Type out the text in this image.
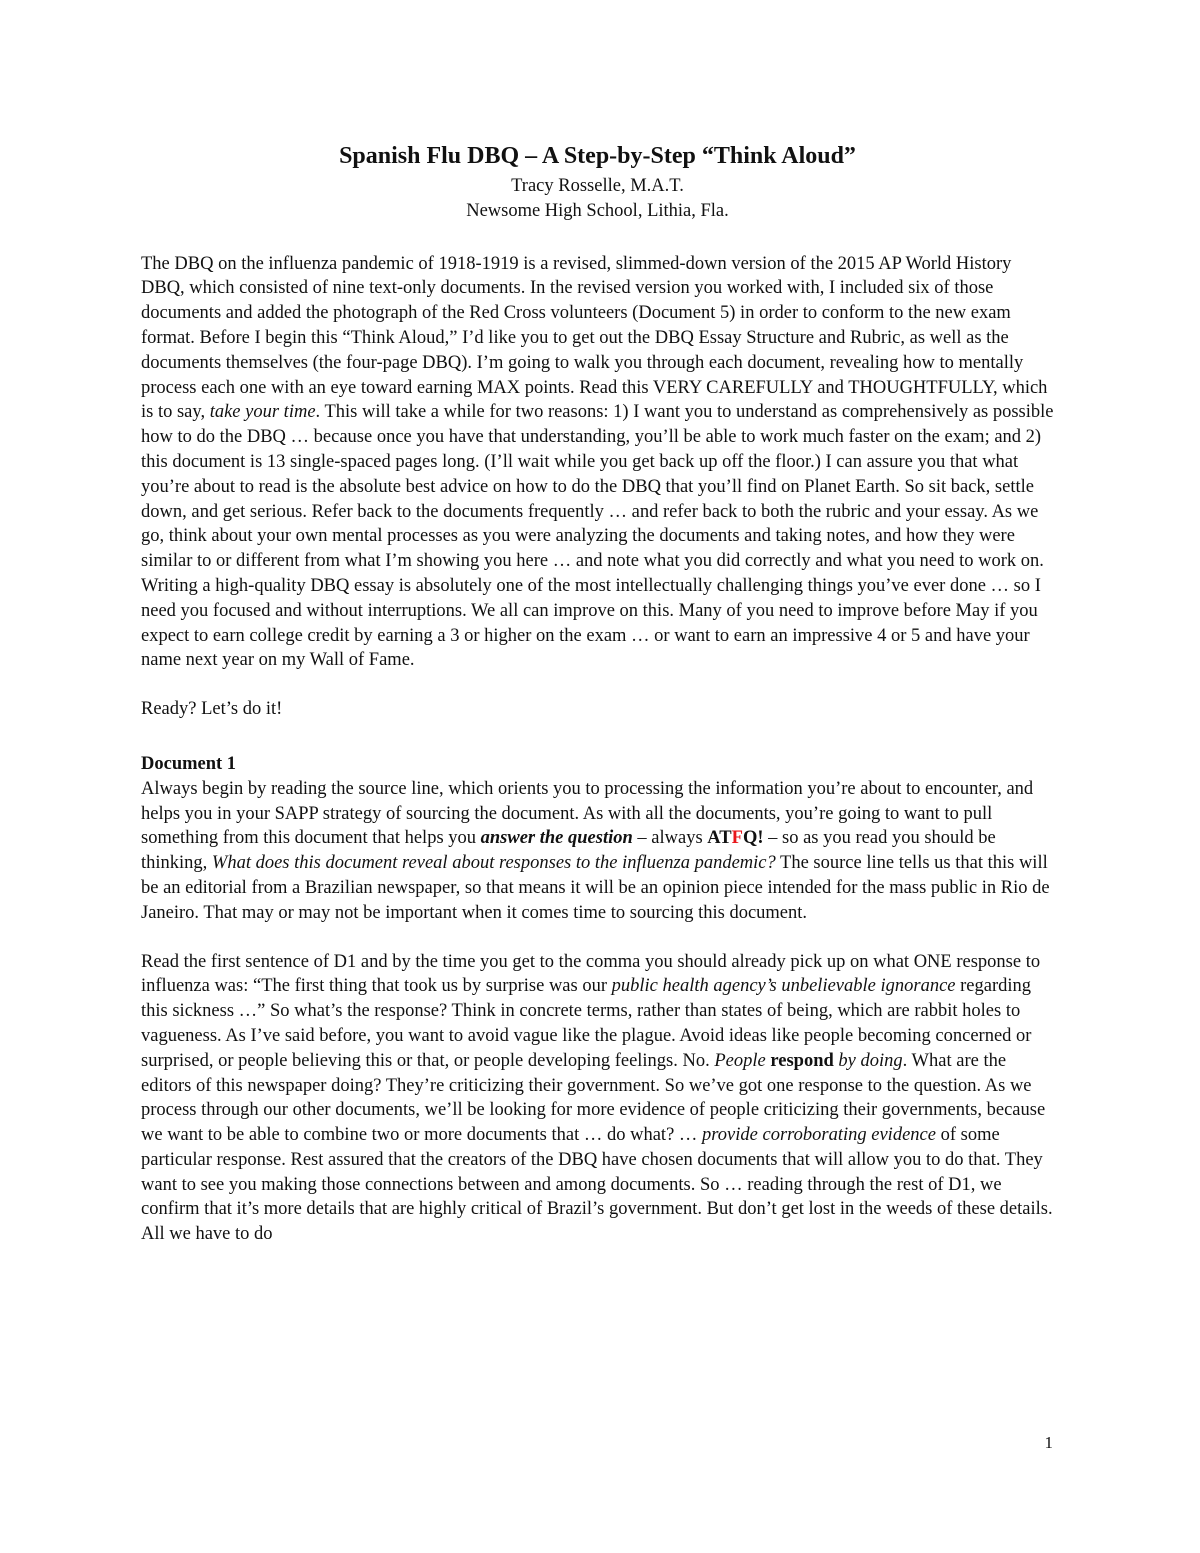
Spanish Flu DBQ – A Step-by-Step “Think Aloud”

Tracy Rosselle, M.A.T.

Newsome High School, Lithia, Fla.

The DBQ on the influenza pandemic of 1918-1919 is a revised, slimmed-down version of the 2015 AP World History DBQ, which consisted of nine text-only documents. In the revised version you worked with, I included six of those documents and added the photograph of the Red Cross volunteers (Document 5) in order to conform to the new exam format. Before I begin this “Think Aloud,” I’d like you to get out the DBQ Essay Structure and Rubric, as well as the documents themselves (the four-page DBQ). I’m going to walk you through each document, revealing how to mentally process each one with an eye toward earning MAX points. Read this VERY CAREFULLY and THOUGHTFULLY, which is to say, take your time. This will take a while for two reasons: 1) I want you to understand as comprehensively as possible how to do the DBQ … because once you have that understanding, you’ll be able to work much faster on the exam; and 2) this document is 13 single-spaced pages long. (I’ll wait while you get back up off the floor.) I can assure you that what you’re about to read is the absolute best advice on how to do the DBQ that you’ll find on Planet Earth. So sit back, settle down, and get serious. Refer back to the documents frequently … and refer back to both the rubric and your essay. As we go, think about your own mental processes as you were analyzing the documents and taking notes, and how they were similar to or different from what I’m showing you here … and note what you did correctly and what you need to work on. Writing a high-quality DBQ essay is absolutely one of the most intellectually challenging things you’ve ever done … so I need you focused and without interruptions. We all can improve on this. Many of you need to improve before May if you expect to earn college credit by earning a 3 or higher on the exam … or want to earn an impressive 4 or 5 and have your name next year on my Wall of Fame.

Ready? Let’s do it!

Document 1

Always begin by reading the source line, which orients you to processing the information you’re about to encounter, and helps you in your SAPP strategy of sourcing the document. As with all the documents, you’re going to want to pull something from this document that helps you answer the question – always ATFQ! – so as you read you should be thinking, What does this document reveal about responses to the influenza pandemic? The source line tells us that this will be an editorial from a Brazilian newspaper, so that means it will be an opinion piece intended for the mass public in Rio de Janeiro. That may or may not be important when it comes time to sourcing this document.

Read the first sentence of D1 and by the time you get to the comma you should already pick up on what ONE response to influenza was: “The first thing that took us by surprise was our public health agency’s unbelievable ignorance regarding this sickness …” So what’s the response? Think in concrete terms, rather than states of being, which are rabbit holes to vagueness. As I’ve said before, you want to avoid vague like the plague. Avoid ideas like people becoming concerned or surprised, or people believing this or that, or people developing feelings. No. People respond by doing. What are the editors of this newspaper doing? They’re criticizing their government. So we’ve got one response to the question. As we process through our other documents, we’ll be looking for more evidence of people criticizing their governments, because we want to be able to combine two or more documents that … do what? … provide corroborating evidence of some particular response. Rest assured that the creators of the DBQ have chosen documents that will allow you to do that. They want to see you making those connections between and among documents. So … reading through the rest of D1, we confirm that it’s more details that are highly critical of Brazil’s government. But don’t get lost in the weeds of these details. All we have to do

1
